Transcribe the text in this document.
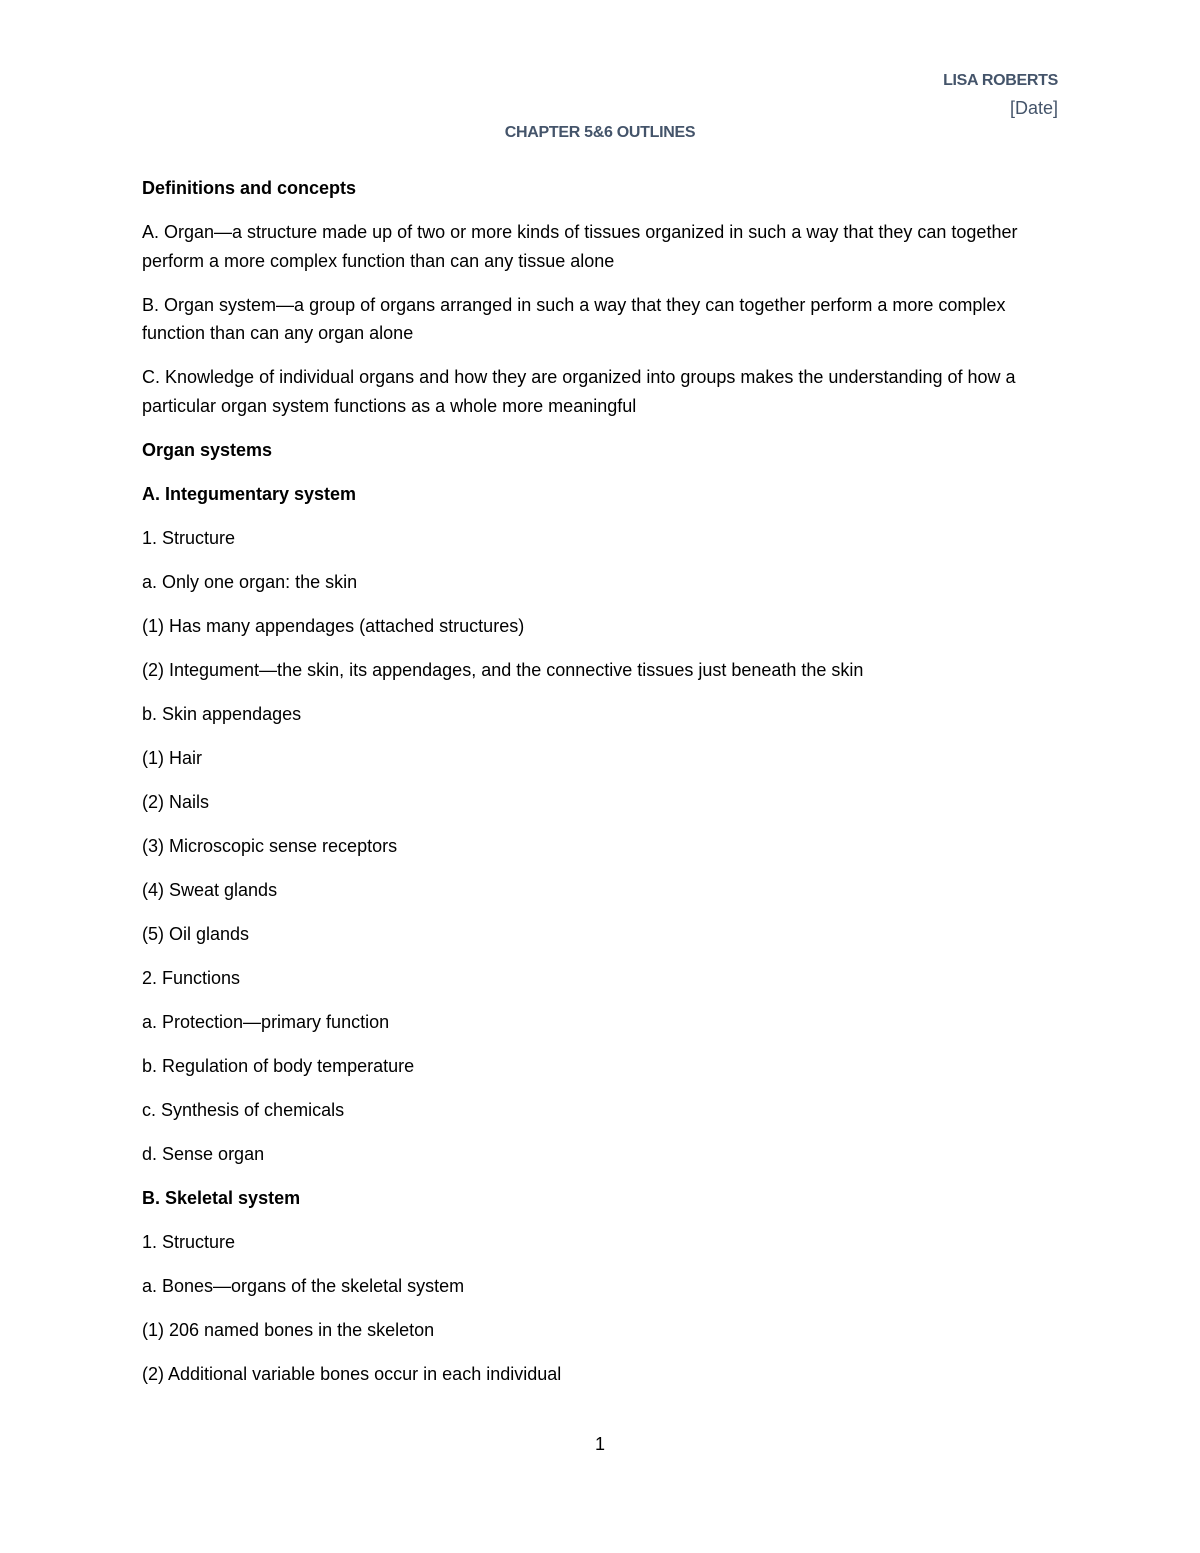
LISA ROBERTS
[Date]
CHAPTER 5&6 OUTLINES

Definitions and concepts

A. Organ—a structure made up of two or more kinds of tissues organized in such a way that they can together perform a more complex function than can any tissue alone

B. Organ system—a group of organs arranged in such a way that they can together perform a more complex function than can any organ alone

C. Knowledge of individual organs and how they are organized into groups makes the understanding of how a particular organ system functions as a whole more meaningful

Organ systems

A. Integumentary system

1. Structure

a. Only one organ: the skin

(1) Has many appendages (attached structures)

(2) Integument—the skin, its appendages, and the connective tissues just beneath the skin

b. Skin appendages

(1) Hair

(2) Nails

(3) Microscopic sense receptors

(4) Sweat glands

(5) Oil glands

2. Functions

a. Protection—primary function

b. Regulation of body temperature

c. Synthesis of chemicals

d. Sense organ

B. Skeletal system

1. Structure

a. Bones—organs of the skeletal system

(1) 206 named bones in the skeleton

(2) Additional variable bones occur in each individual

1
